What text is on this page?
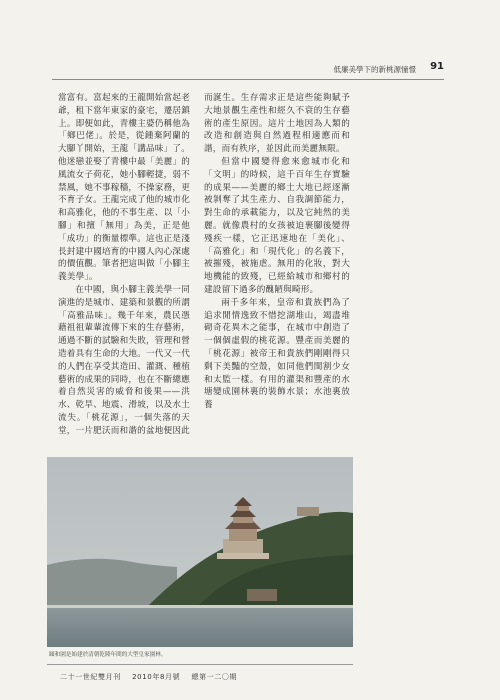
低廉美學下的新桃源憧憬 91

當富有。富起來的王龍開始當起老爺，租下當年東家的豪宅，遷居鎮上。即便如此，青樓主婆仍稱他為「鄉巴佬」。於是，從鍾棄阿蘭的大腳丫開始，王龍「講品味」了。他迷戀並娶了青樓中最「美麗」的風流女子荷花，她小腳輕捷，弱不禁風，她不事稼穡，不操家務，更不育子女。王龍完成了他的城市化和高雅化，他的不事生產、以「小腳」和擅「無用」為美，正是他「成功」的衡量標準。這也正是淺長封建中國培育的中國人內心深處的價值觀。筆者把這叫做「小腳主義美學」。

在中國，與小腳主義美學一同演進的是城市、建築和景觀的所謂「高雅品味」。幾千年來，農民憑藉祖祖輩輩流傳下來的生存藝術，通過不斷的試驗和失敗，管理和營造着具有生命的大地。一代又一代的人們在享受其造田、灌溉、種植藝術的成果的同時，也在不斷總應着自然災害的威脅和後果——洪水、乾旱、地震、滑坡，以及水土流失。「桃花源」，一個失落的天堂，一片肥沃而和諧的盆地便因此

而誕生。生存需求正是這些能夠賦予大地景觀生產性和經久不衰的生存藝術的產生原因。這片土地因為人類的改造和創造與自然過程相適應而和諧，而有秩序，並因此而美麗無限。

但當中國變得愈來愈城市化和「文明」的時候，這千百年生存實驗的成果——美麗的鄉土大地已經逐漸被剝奪了其生產力、自我調節能力，對生命的承載能力，以及它純然的美麗。就像農村的女孩被迫裹腳後變得殘疾一樣，它正迅速地在「美化」、「高雅化」和「現代化」的名義下，被摧殘，被施虐。無用的化妝，對大地機能的致殘，已經給城市和鄉村的建設留下過多的醜陋與畸形。

兩千多年來，皇帝和貴族們為了追求閒情逸致不惜挖湖堆山，竭盡堆砌奇花異木之能事，在城市中創造了一個個虛假的桃花源。豐產而美麗的「桃花源」被帝王和貴族們剛剛得只剩下美豔的空殼，如同他們閨割少女和太監一樣。有用的灌渠和豐產的水塘變成園林裏的裝飾水景；水池裏放養

頤和園是始建於清朝乾隆年間的大型皇家園林。
二十一世紀雙月刊 2010年8月號 總第一二〇期
